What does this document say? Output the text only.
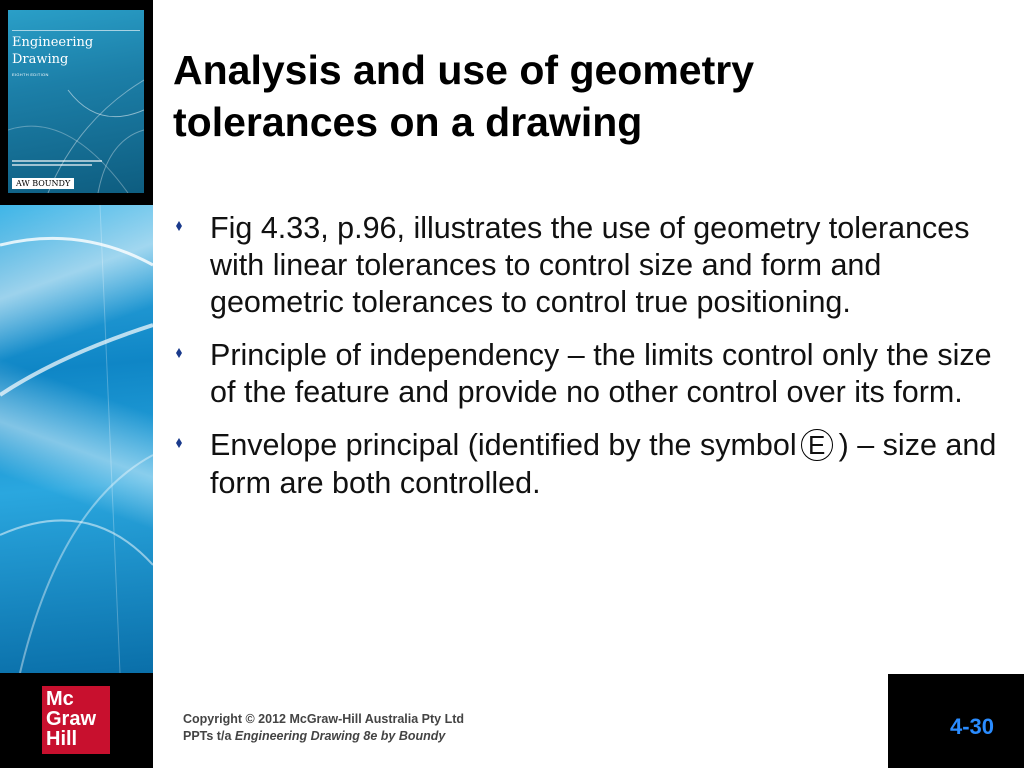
Engineering
Drawing
EIGHTH EDITION
AW BOUNDY
Analysis and use of geometry tolerances on a drawing
Fig 4.33, p.96, illustrates the use of geometry tolerances with linear tolerances to control size and form and geometric tolerances to control true positioning.
Principle of independency – the limits control only the size of the feature and provide no other control over its form.
Envelope principal (identified by the symbol E ) – size and form are both controlled.
Mc
Graw
Hill
Copyright © 2012 McGraw-Hill Australia Pty Ltd
PPTs t/a Engineering Drawing 8e by Boundy	4-30
